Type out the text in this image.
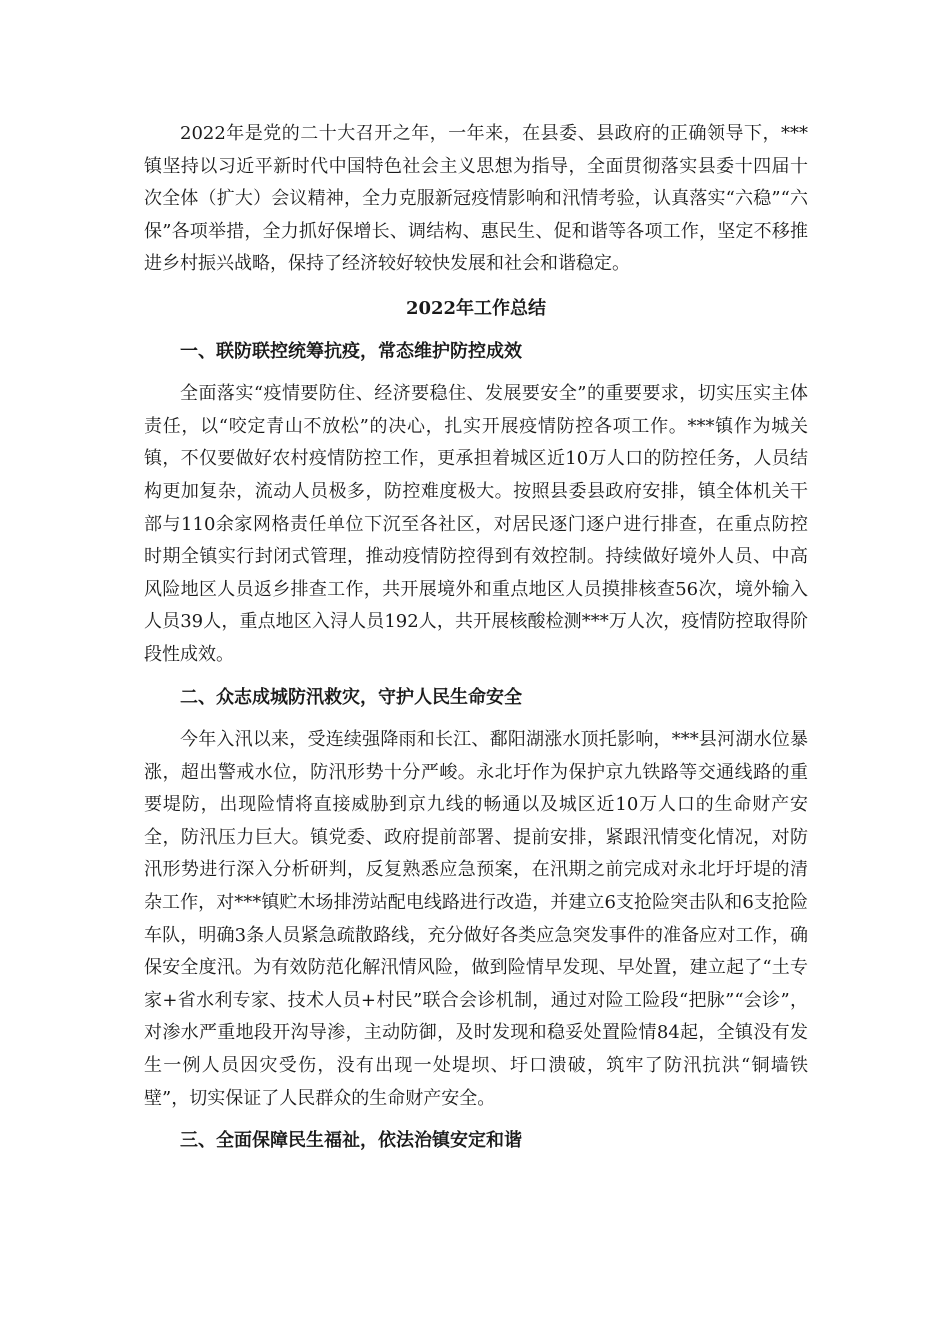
2022年是党的二十大召开之年，一年来，在县委、县政府的正确领导下，***镇坚持以习近平新时代中国特色社会主义思想为指导，全面贯彻落实县委十四届十次全体（扩大）会议精神，全力克服新冠疫情影响和汛情考验，认真落实“六稳”“六保”各项举措，全力抓好保增长、调结构、惠民生、促和谐等各项工作，坚定不移推进乡村振兴战略，保持了经济较好较快发展和社会和谐稳定。

2022年工作总结

一、联防联控统筹抗疫，常态维护防控成效

全面落实“疫情要防住、经济要稳住、发展要安全”的重要要求，切实压实主体责任，以“咬定青山不放松”的决心，扎实开展疫情防控各项工作。***镇作为城关镇，不仅要做好农村疫情防控工作，更承担着城区近10万人口的防控任务，人员结构更加复杂，流动人员极多，防控难度极大。按照县委县政府安排，镇全体机关干部与110余家网格责任单位下沉至各社区，对居民逐门逐户进行排查，在重点防控时期全镇实行封闭式管理，推动疫情防控得到有效控制。持续做好境外人员、中高风险地区人员返乡排查工作，共开展境外和重点地区人员摸排核查56次，境外输入人员39人，重点地区入浔人员192人，共开展核酸检测***万人次，疫情防控取得阶段性成效。

二、众志成城防汛救灾，守护人民生命安全

今年入汛以来，受连续强降雨和长江、鄱阳湖涨水顶托影响，***县河湖水位暴涨，超出警戒水位，防汛形势十分严峻。永北圩作为保护京九铁路等交通线路的重要堤防，出现险情将直接威胁到京九线的畅通以及城区近10万人口的生命财产安全，防汛压力巨大。镇党委、政府提前部署、提前安排，紧跟汛情变化情况，对防汛形势进行深入分析研判，反复熟悉应急预案，在汛期之前完成对永北圩圩堤的清杂工作，对***镇贮木场排涝站配电线路进行改造，并建立6支抢险突击队和6支抢险车队，明确3条人员紧急疏散路线，充分做好各类应急突发事件的准备应对工作，确保安全度汛。为有效防范化解汛情风险，做到险情早发现、早处置，建立起了“土专家+省水利专家、技术人员+村民”联合会诊机制，通过对险工险段“把脉”“会诊”，对渗水严重地段开沟导渗，主动防御，及时发现和稳妥处置险情84起，全镇没有发生一例人员因灾受伤，没有出现一处堤坝、圩口溃破，筑牢了防汛抗洪“铜墙铁壁”，切实保证了人民群众的生命财产安全。

三、全面保障民生福祉，依法治镇安定和谐
